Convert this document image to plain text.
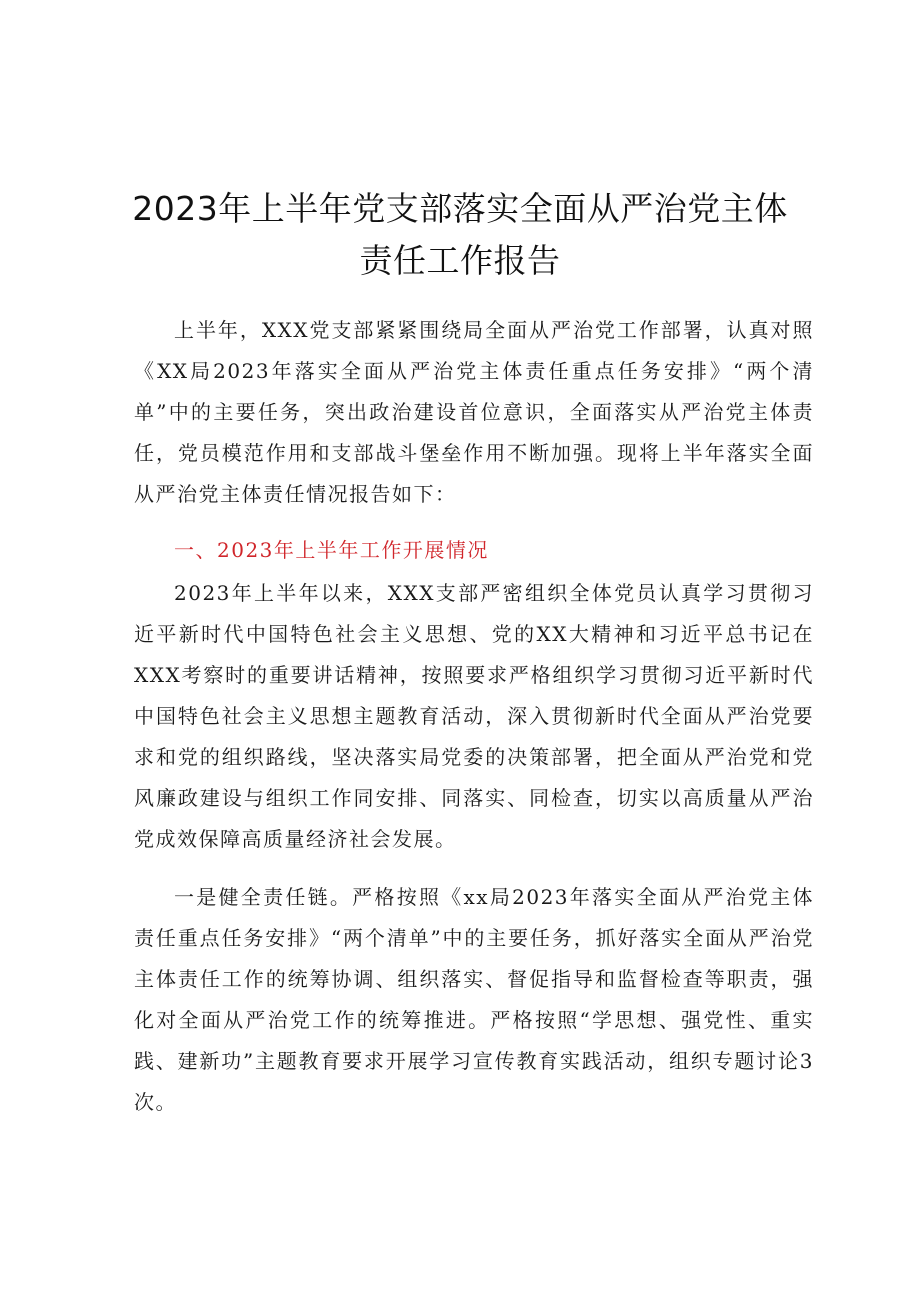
2023年上半年党支部落实全面从严治党主体
责任工作报告

上半年，XXX党支部紧紧围绕局全面从严治党工作部署，认真对照《XX局2023年落实全面从严治党主体责任重点任务安排》“两个清单”中的主要任务，突出政治建设首位意识，全面落实从严治党主体责任，党员模范作用和支部战斗堡垒作用不断加强。现将上半年落实全面从严治党主体责任情况报告如下：

一、2023年上半年工作开展情况

2023年上半年以来，XXX支部严密组织全体党员认真学习贯彻习近平新时代中国特色社会主义思想、党的XX大精神和习近平总书记在XXX考察时的重要讲话精神，按照要求严格组织学习贯彻习近平新时代中国特色社会主义思想主题教育活动，深入贯彻新时代全面从严治党要求和党的组织路线，坚决落实局党委的决策部署，把全面从严治党和党风廉政建设与组织工作同安排、同落实、同检查，切实以高质量从严治党成效保障高质量经济社会发展。

一是健全责任链。严格按照《xx局2023年落实全面从严治党主体责任重点任务安排》“两个清单”中的主要任务，抓好落实全面从严治党主体责任工作的统筹协调、组织落实、督促指导和监督检查等职责，强化对全面从严治党工作的统筹推进。严格按照“学思想、强党性、重实践、建新功”主题教育要求开展学习宣传教育实践活动，组织专题讨论3次。
